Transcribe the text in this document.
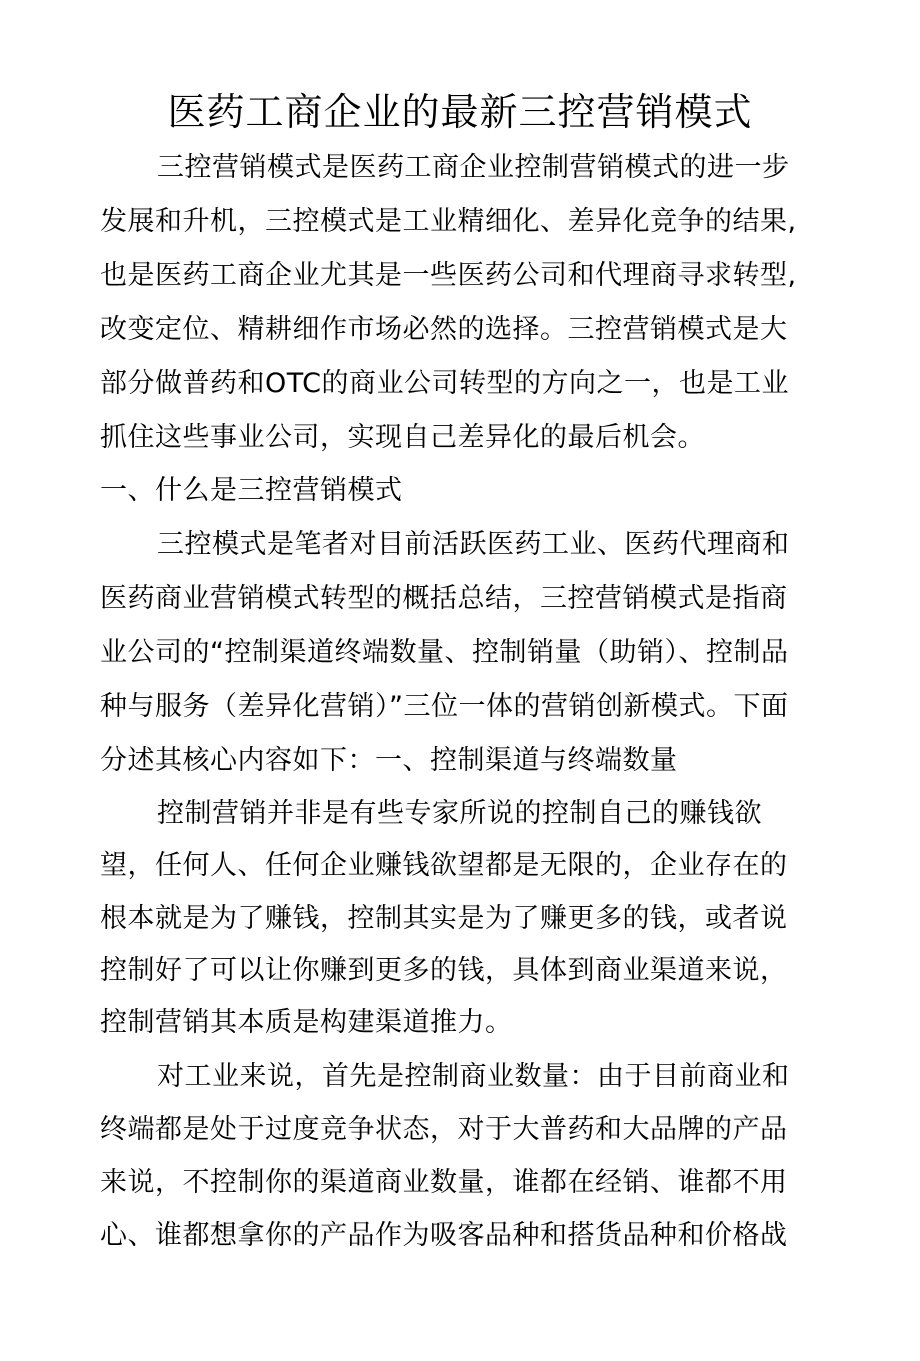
医药工商企业的最新三控营销模式
三控营销模式是医药工商企业控制营销模式的进一步
发展和升机，三控模式是工业精细化、差异化竞争的结果,
也是医药工商企业尤其是一些医药公司和代理商寻求转型,
改变定位、精耕细作市场必然的选择。三控营销模式是大
部分做普药和OTC的商业公司转型的方向之一，也是工业
抓住这些事业公司，实现自己差异化的最后机会。
一、什么是三控营销模式
三控模式是笔者对目前活跃医药工业、医药代理商和
医药商业营销模式转型的概括总结，三控营销模式是指商
业公司的“控制渠道终端数量、控制销量（助销）、控制品
种与服务（差异化营销）”三位一体的营销创新模式。下面
分述其核心内容如下：一、控制渠道与终端数量
控制营销并非是有些专家所说的控制自己的赚钱欲
望，任何人、任何企业赚钱欲望都是无限的，企业存在的
根本就是为了赚钱，控制其实是为了赚更多的钱，或者说
控制好了可以让你赚到更多的钱，具体到商业渠道来说，
控制营销其本质是构建渠道推力。
对工业来说，首先是控制商业数量：由于目前商业和
终端都是处于过度竞争状态，对于大普药和大品牌的产品
来说，不控制你的渠道商业数量，谁都在经销、谁都不用
心、谁都想拿你的产品作为吸客品种和搭货品种和价格战
